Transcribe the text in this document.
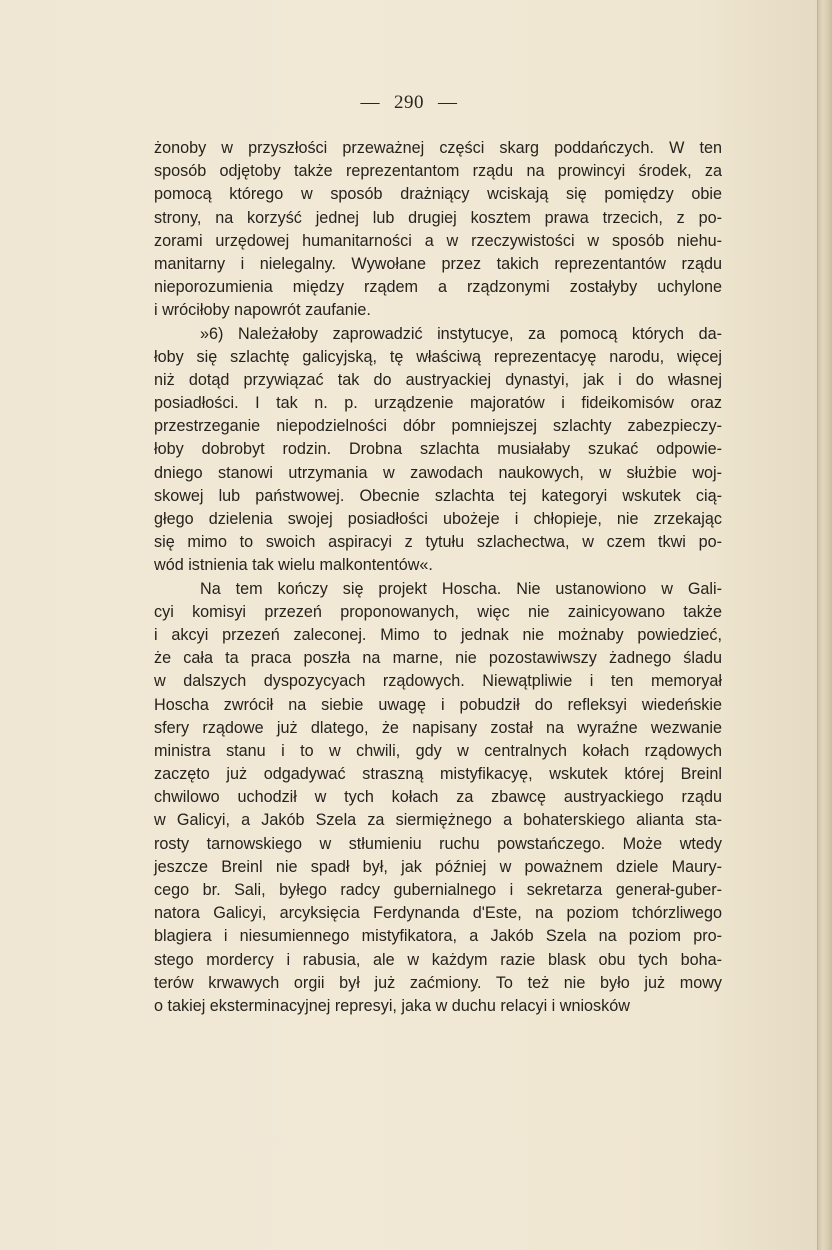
— 290 —
żonoby w przyszłości przeważnej części skarg poddańczych. W ten
sposób odjętoby także reprezentantom rządu na prowincyi środek, za
pomocą którego w sposób drażniący wciskają się pomiędzy obie
strony, na korzyść jednej lub drugiej kosztem prawa trzecich, z po-
zorami urzędowej humanitarności a w rzeczywistości w sposób niehu-
manitarny i nielegalny. Wywołane przez takich reprezentantów rządu
nieporozumienia między rządem a rządzonymi zostałyby uchylone
i wróciłoby napowrót zaufanie.
»6) Należałoby zaprowadzić instytucye, za pomocą których da-
łoby się szlachtę galicyjską, tę właściwą reprezentacyę narodu, więcej
niż dotąd przywiązać tak do austryackiej dynastyi, jak i do własnej
posiadłości. I tak n. p. urządzenie majoratów i fideikomisów oraz
przestrzeganie niepodzielności dóbr pomniejszej szlachty zabezpieczy-
łoby dobrobyt rodzin. Drobna szlachta musiałaby szukać odpowie-
dniego stanowi utrzymania w zawodach naukowych, w służbie woj-
skowej lub państwowej. Obecnie szlachta tej kategoryi wskutek cią-
głego dzielenia swojej posiadłości ubożeje i chłopieje, nie zrzekając
się mimo to swoich aspiracyi z tytułu szlachectwa, w czem tkwi po-
wód istnienia tak wielu malkontentów«.
Na tem kończy się projekt Hoscha. Nie ustanowiono w Gali-
cyi komisyi przezeń proponowanych, więc nie zainicyowano także
i akcyi przezeń zaleconej. Mimo to jednak nie możnaby powiedzieć,
że cała ta praca poszła na marne, nie pozostawiwszy żadnego śladu
w dalszych dyspozycyach rządowych. Niewątpliwie i ten memoryał
Hoscha zwrócił na siebie uwagę i pobudził do refleksyi wiedeńskie
sfery rządowe już dlatego, że napisany został na wyraźne wezwanie
ministra stanu i to w chwili, gdy w centralnych kołach rządowych
zaczęto już odgadywać straszną mistyfikacyę, wskutek której Breinl
chwilowo uchodził w tych kołach za zbawcę austryackiego rządu
w Galicyi, a Jakób Szela za siermiężnego a bohaterskiego alianta sta-
rosty tarnowskiego w stłumieniu ruchu powstańczego. Może wtedy
jeszcze Breinl nie spadł był, jak później w poważnem dziele Maury-
cego br. Sali, byłego radcy gubernialnego i sekretarza generał-guber-
natora Galicyi, arcyksięcia Ferdynanda d'Este, na poziom tchórzliwego
blagiera i niesumiennego mistyfikatora, a Jakób Szela na poziom pro-
stego mordercy i rabusia, ale w każdym razie blask obu tych boha-
terów krwawych orgii był już zaćmiony. To też nie było już mowy
o takiej eksterminacyjnej represyi, jaka w duchu relacyi i wniosków
